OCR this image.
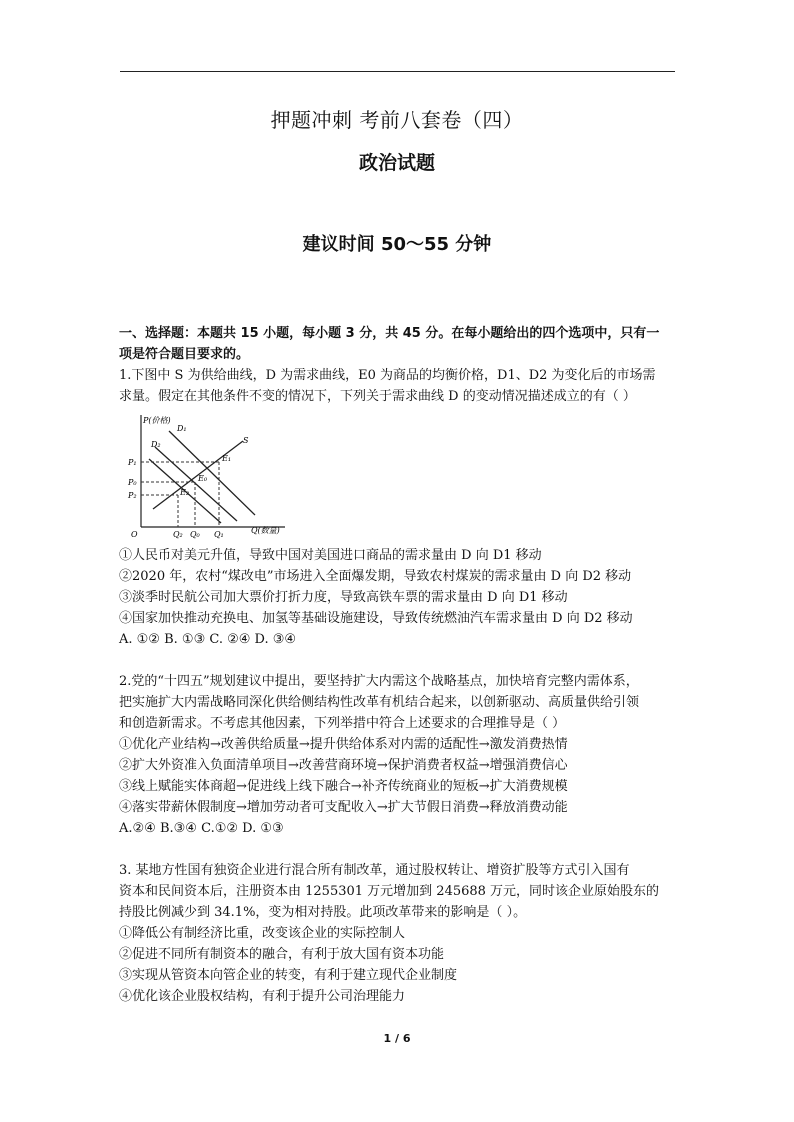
押题冲刺 考前八套卷（四）
政治试题
建议时间 50～55 分钟

一、选择题：本题共 15 小题，每小题 3 分，共 45 分。在每小题给出的四个选项中，只有一

项是符合题目要求的。

1.下图中 S 为供给曲线，D 为需求曲线，E0 为商品的均衡价格，D1、D2 为变化后的市场需

求量。假定在其他条件不变的情况下，下列关于需求曲线 D 的变动情况描述成立的有（ ）

P(价格)
Q(数量)
O
D₁
D₂	S
E₁
E₀
E₂
P₁
P₀
P₂
Q₂ Q₀ Q₁

①人民币对美元升值，导致中国对美国进口商品的需求量由 D 向 D1 移动

②2020 年，农村“煤改电”市场进入全面爆发期，导致农村煤炭的需求量由 D 向 D2 移动

③淡季时民航公司加大票价打折力度，导致高铁车票的需求量由 D 向 D1 移动

④国家加快推动充换电、加氢等基础设施建设，导致传统燃油汽车需求量由 D 向 D2 移动

A. ①② B. ①③ C. ②④ D. ③④

2.党的“十四五”规划建议中提出，要坚持扩大内需这个战略基点，加快培育完整内需体系，

把实施扩大内需战略同深化供给侧结构性改革有机结合起来，以创新驱动、高质量供给引领

和创造新需求。不考虑其他因素，下列举措中符合上述要求的合理推导是（ ）

①优化产业结构→改善供给质量→提升供给体系对内需的适配性→激发消费热情

②扩大外资准入负面清单项目→改善营商环境→保护消费者权益→增强消费信心

③线上赋能实体商超→促进线上线下融合→补齐传统商业的短板→扩大消费规模

④落实带薪休假制度→增加劳动者可支配收入→扩大节假日消费→释放消费动能

A.②④ B.③④ C.①② D. ①③

3. 某地方性国有独资企业进行混合所有制改革，通过股权转让、增资扩股等方式引入国有

资本和民间资本后，注册资本由 1255301 万元增加到 245688 万元，同时该企业原始股东的

持股比例减少到 34.1%，变为相对持股。此项改革带来的影响是（ ）。

①降低公有制经济比重，改变该企业的实际控制人

②促进不同所有制资本的融合，有利于放大国有资本功能

③实现从管资本向管企业的转变，有利于建立现代企业制度

④优化该企业股权结构，有利于提升公司治理能力

1 / 6
